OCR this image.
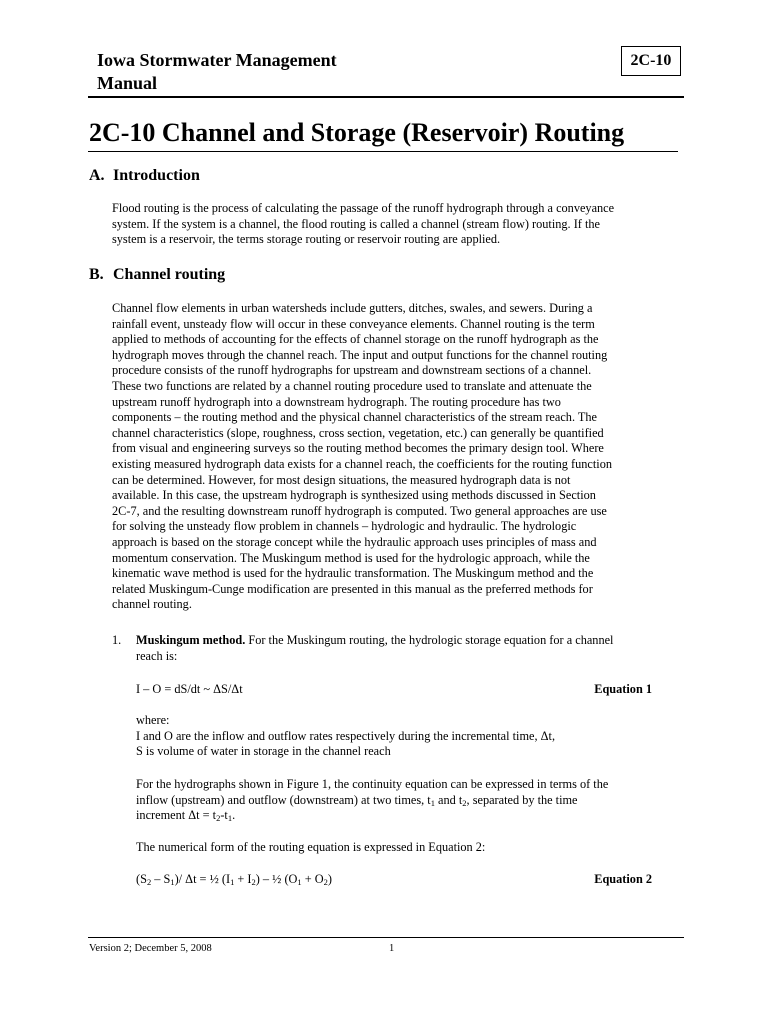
Iowa Stormwater Management
Manual
2C-10
2C-10 Channel and Storage (Reservoir) Routing
A. Introduction
Flood routing is the process of calculating the passage of the runoff hydrograph through a conveyance
system. If the system is a channel, the flood routing is called a channel (stream flow) routing. If the
system is a reservoir, the terms storage routing or reservoir routing are applied.
B. Channel routing
Channel flow elements in urban watersheds include gutters, ditches, swales, and sewers. During a
rainfall event, unsteady flow will occur in these conveyance elements. Channel routing is the term
applied to methods of accounting for the effects of channel storage on the runoff hydrograph as the
hydrograph moves through the channel reach. The input and output functions for the channel routing
procedure consists of the runoff hydrographs for upstream and downstream sections of a channel.
These two functions are related by a channel routing procedure used to translate and attenuate the
upstream runoff hydrograph into a downstream hydrograph. The routing procedure has two
components – the routing method and the physical channel characteristics of the stream reach. The
channel characteristics (slope, roughness, cross section, vegetation, etc.) can generally be quantified
from visual and engineering surveys so the routing method becomes the primary design tool. Where
existing measured hydrograph data exists for a channel reach, the coefficients for the routing function
can be determined. However, for most design situations, the measured hydrograph data is not
available. In this case, the upstream hydrograph is synthesized using methods discussed in Section
2C-7, and the resulting downstream runoff hydrograph is computed. Two general approaches are use
for solving the unsteady flow problem in channels – hydrologic and hydraulic. The hydrologic
approach is based on the storage concept while the hydraulic approach uses principles of mass and
momentum conservation. The Muskingum method is used for the hydrologic approach, while the
kinematic wave method is used for the hydraulic transformation. The Muskingum method and the
related Muskingum-Cunge modification are presented in this manual as the preferred methods for
channel routing.
1. Muskingum method. For the Muskingum routing, the hydrologic storage equation for a channel
reach is:
I – O = dS/dt ~ ΔS/Δt	Equation 1
where:
I and O are the inflow and outflow rates respectively during the incremental time, Δt,
S is volume of water in storage in the channel reach
For the hydrographs shown in Figure 1, the continuity equation can be expressed in terms of the
inflow (upstream) and outflow (downstream) at two times, $t_1$ and $t_2$, separated by the time
increment $\Delta t = t_2-t_1$.
The numerical form of the routing equation is expressed in Equation 2:
$(S_2 - S_1)/$ Δt = ½ $(I_1 + I_2)$ – ½ $(O_1 + O_2)$	Equation 2
Version 2; December 5, 2008	1
